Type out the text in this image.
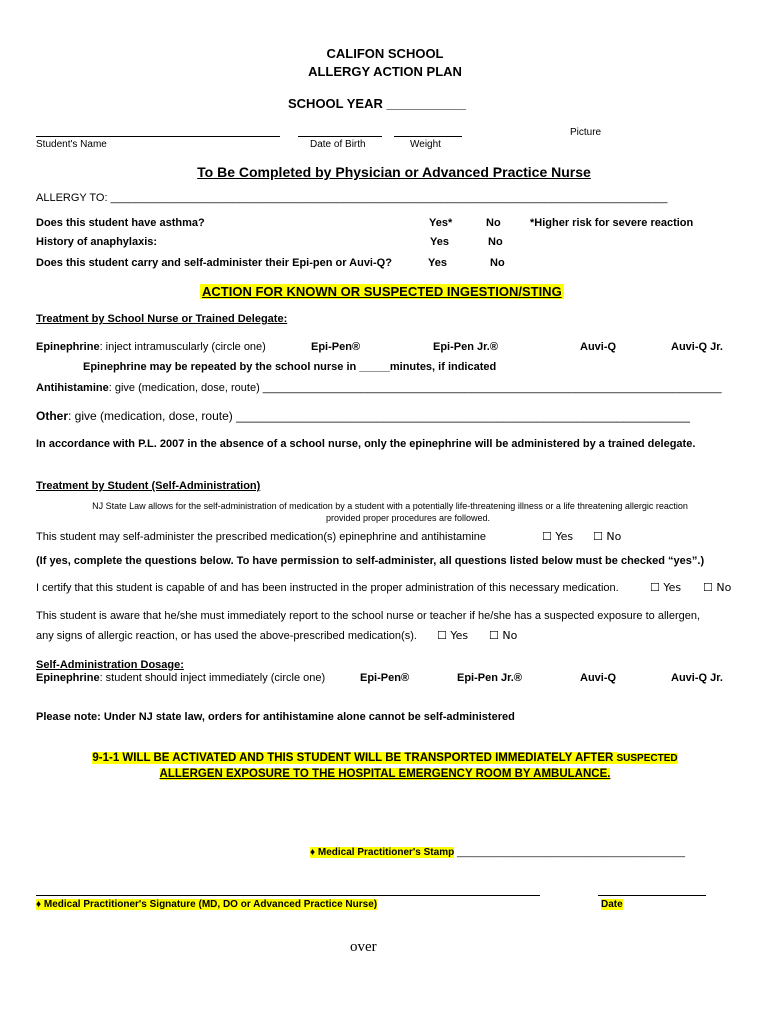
CALIFON SCHOOL
ALLERGY ACTION PLAN
SCHOOL YEAR ___________
Student's Name	Date of Birth	Weight
Picture
To Be Completed by Physician or Advanced Practice Nurse
ALLERGY TO: ___________________________________________________________________________________________
Does this student have asthma?	Yes*	No	*Higher risk for severe reaction
History of anaphylaxis:	Yes	No
Does this student carry and self-administer their Epi-pen or Auvi-Q?	Yes	No
ACTION FOR KNOWN OR SUSPECTED INGESTION/STING
Treatment by School Nurse or Trained Delegate:
Epinephrine: inject intramuscularly (circle one)	Epi-Pen®	Epi-Pen Jr.®	Auvi-Q	Auvi-Q Jr.
Epinephrine may be repeated by the school nurse in _____minutes, if indicated
Antihistamine: give (medication, dose, route) ___________________________________________________________________________
Other: give (medication, dose, route) ____________________________________________________________________
In accordance with P.L. 2007 in the absence of a school nurse, only the epinephrine will be administered by a trained delegate.
Treatment by Student (Self-Administration)
NJ State Law allows for the self-administration of medication by a student with a potentially life-threatening illness or a life threatening allergic reaction
provided proper procedures are followed.
This student may self-administer the prescribed medication(s) epinephrine and antihistamine	☐ Yes ☐ No
(If yes, complete the questions below. To have permission to self-administer, all questions listed below must be checked “yes”.)
I certify that this student is capable of and has been instructed in the proper administration of this necessary medication.	☐ Yes ☐ No
This student is aware that he/she must immediately report to the school nurse or teacher if he/she has a suspected exposure to allergen,
any signs of allergic reaction, or has used the above-prescribed medication(s). ☐ Yes ☐ No
Self-Administration Dosage:
Epinephrine: student should inject immediately (circle one)	Epi-Pen®	Epi-Pen Jr.®	Auvi-Q	Auvi-Q Jr.
Please note: Under NJ state law, orders for antihistamine alone cannot be self-administered
9-1-1 WILL BE ACTIVATED AND THIS STUDENT WILL BE TRANSPORTED IMMEDIATELY AFTER SUSPECTED
ALLERGEN EXPOSURE TO THE HOSPITAL EMERGENCY ROOM BY AMBULANCE.
♦ Medical Practitioner's Stamp _________________________________________
♦ Medical Practitioner's Signature (MD, DO or Advanced Practice Nurse)	Date
over
